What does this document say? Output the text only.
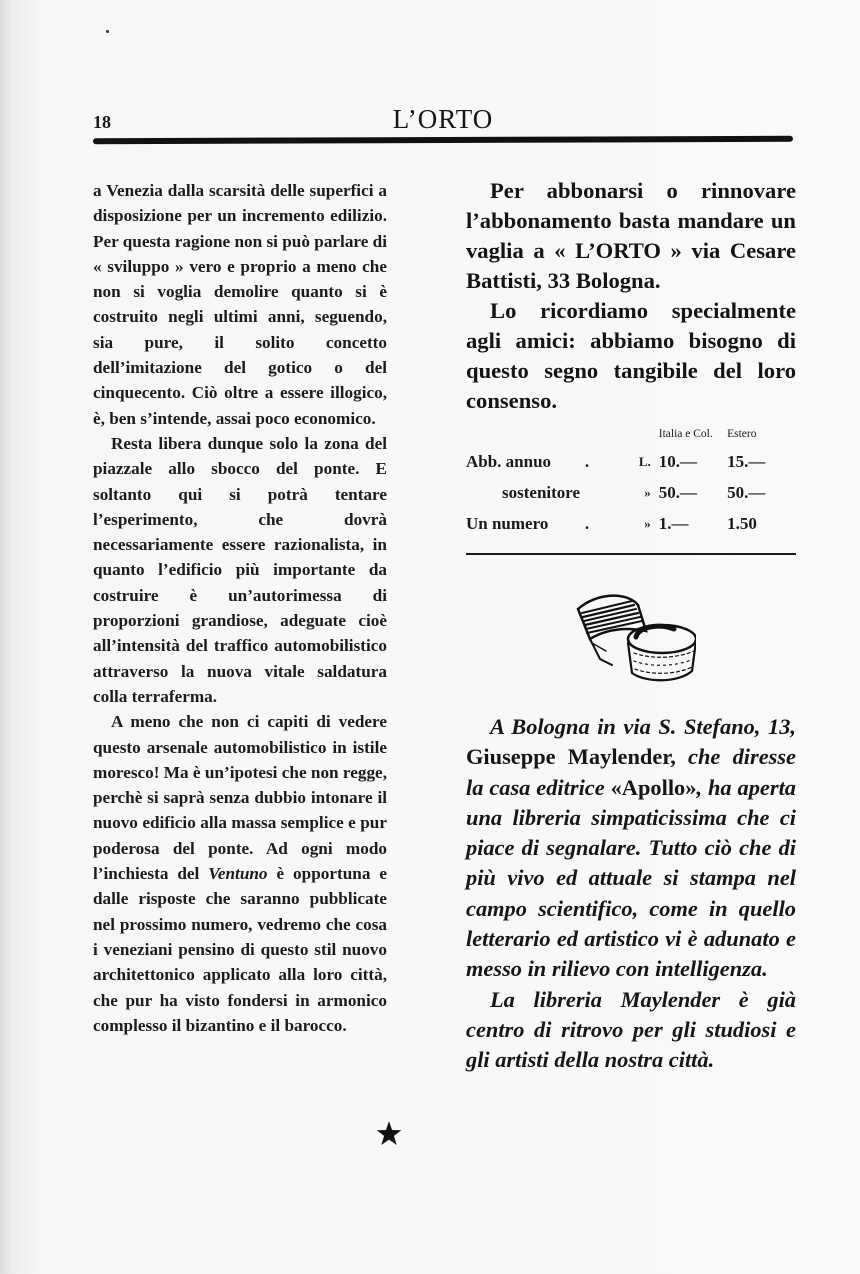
18	L’ORTO

a Venezia dalla scarsità delle superfici a disposizione per un incremento edilizio. Per questa ragione non si può parlare di « sviluppo » vero e proprio a meno che non si voglia demolire quanto si è costruito negli ultimi anni, seguendo, sia pure, il solito concetto dell’imitazione del gotico o del cinquecento. Ciò oltre a essere illogico, è, ben s’intende, assai poco economico.

Resta libera dunque solo la zona del piazzale allo sbocco del ponte. E soltanto qui si potrà tentare l’esperimento, che dovrà necessariamente essere razionalista, in quanto l’edificio più importante da costruire è un’autorimessa di proporzioni grandiose, adeguate cioè all’intensità del traffico automobilistico attraverso la nuova vitale saldatura colla terraferma.

A meno che non ci capiti di vedere questo arsenale automobilistico in istile moresco! Ma è un’ipotesi che non regge, perchè si saprà senza dubbio intonare il nuovo edificio alla massa semplice e pur poderosa del ponte. Ad ogni modo l’inchiesta del Ventuno è opportuna e dalle risposte che saranno pubblicate nel prossimo numero, vedremo che cosa i veneziani pensino di questo stil nuovo architettonico applicato alla loro città, che pur ha visto fondersi in armonico complesso il bizantino e il barocco.

Per abbonarsi o rinnovare l’abbonamento basta mandare un vaglia a « L’ORTO » via Cesare Battisti, 33 Bologna.

Lo ricordiamo specialmente agli amici: abbiamo bisogno di questo segno tangibile del loro consenso.

			Italia e Col.	Estero
Abb. annuo	.	L.	10.—	15.—
sostenitore		»	50.—	50.—
Un numero	.	»	1.—	1.50

A Bologna in via S. Stefano, 13, Giuseppe Maylender, che diresse la casa editrice «Apollo», ha aperta una libreria simpaticissima che ci piace di segnalare. Tutto ciò che di più vivo ed attuale si stampa nel campo scientifico, come in quello letterario ed artistico vi è adunato e messo in rilievo con intelligenza.

La libreria Maylender è già centro di ritrovo per gli studiosi e gli artisti della nostra città.
